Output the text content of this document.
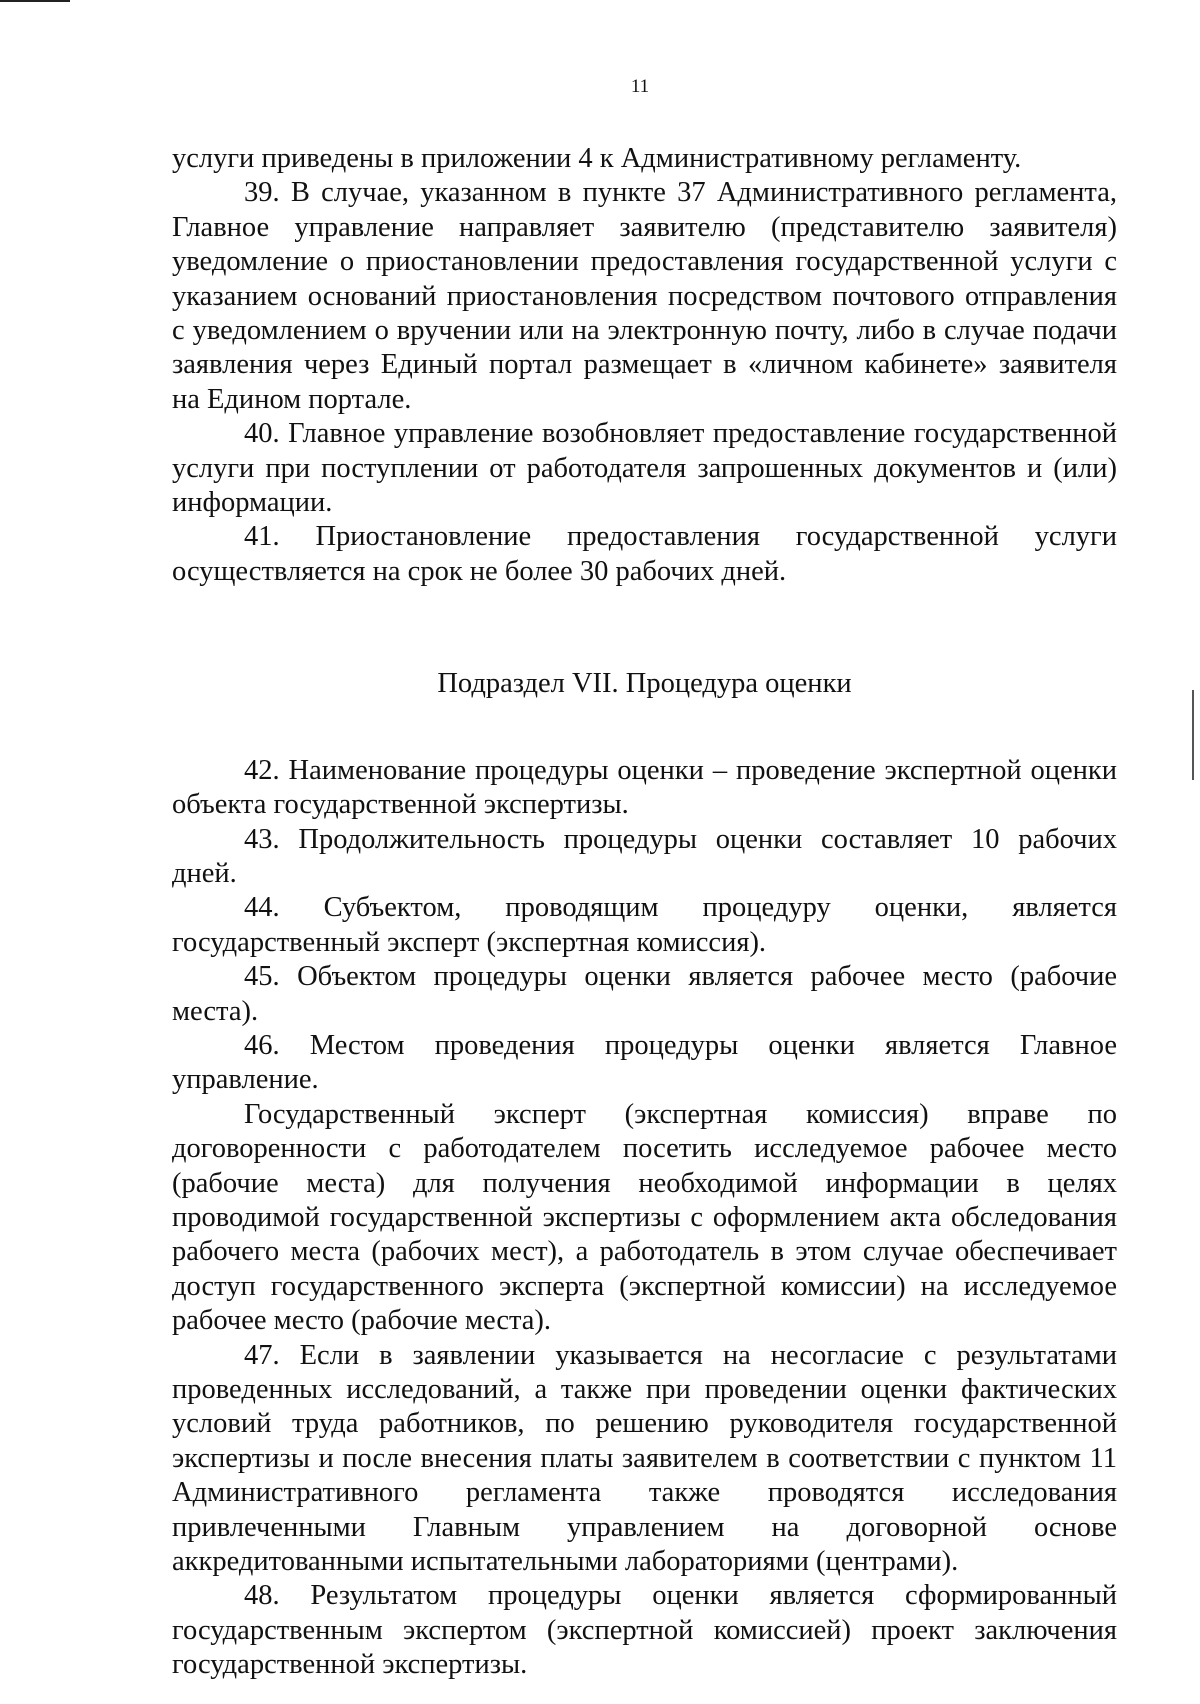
11

услуги приведены в приложении 4 к Административному регламенту.

39. В случае, указанном в пункте 37 Административного регламента, Главное управление направляет заявителю (представителю заявителя) уведомление о приостановлении предоставления государственной услуги с указанием оснований приостановления посредством почтового отправления с уведомлением о вручении или на электронную почту, либо в случае подачи заявления через Единый портал размещает в «личном кабинете» заявителя на Едином портале.

40. Главное управление возобновляет предоставление государственной услуги при поступлении от работодателя запрошенных документов и (или) информации.

41. Приостановление предоставления государственной услуги осуществляется на срок не более 30 рабочих дней.

Подраздел VII. Процедура оценки

42. Наименование процедуры оценки – проведение экспертной оценки объекта государственной экспертизы.

43. Продолжительность процедуры оценки составляет 10 рабочих дней.

44. Субъектом, проводящим процедуру оценки, является государственный эксперт (экспертная комиссия).

45. Объектом процедуры оценки является рабочее место (рабочие места).

46. Местом проведения процедуры оценки является Главное управление.

Государственный эксперт (экспертная комиссия) вправе по договоренности с работодателем посетить исследуемое рабочее место (рабочие места) для получения необходимой информации в целях проводимой государственной экспертизы с оформлением акта обследования рабочего места (рабочих мест), а работодатель в этом случае обеспечивает доступ государственного эксперта (экспертной комиссии) на исследуемое рабочее место (рабочие места).

47. Если в заявлении указывается на несогласие с результатами проведенных исследований, а также при проведении оценки фактических условий труда работников, по решению руководителя государственной экспертизы и после внесения платы заявителем в соответствии с пунктом 11 Административного регламента также проводятся исследования привлеченными Главным управлением на договорной основе аккредитованными испытательными лабораториями (центрами).

48. Результатом процедуры оценки является сформированный государственным экспертом (экспертной комиссией) проект заключения государственной экспертизы.
